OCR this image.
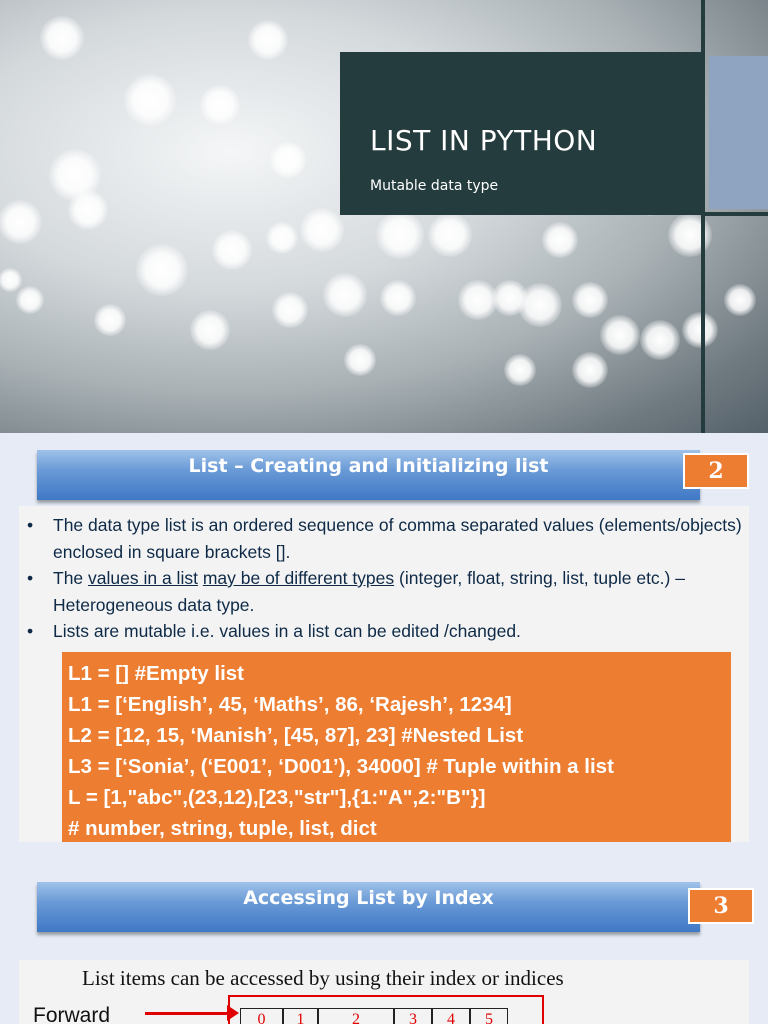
LIST IN PYTHON
Mutable data type
List – Creating and Initializing list	2
• The data type list is an ordered sequence of comma separated values (elements/objects) enclosed in square brackets [].
• The values in a list may be of different types (integer, float, string, list, tuple etc.) – Heterogeneous data type.
• Lists are mutable i.e. values in a list can be edited /changed.
L1 = [] #Empty list
L1 = [‘English’, 45, ‘Maths’, 86, ‘Rajesh’, 1234]
L2 = [12, 15, ‘Manish’, [45, 87], 23] #Nested List
L3 = [‘Sonia’, (‘E001’, ‘D001’), 34000] # Tuple within a list
L = [1,"abc",(23,12),[23,"str"],{1:"A",2:"B"}]
# number, string, tuple, list, dict
Accessing List by Index	3
List items can be accessed by using their index or indices
Forward	0	1	2	3	4	5
